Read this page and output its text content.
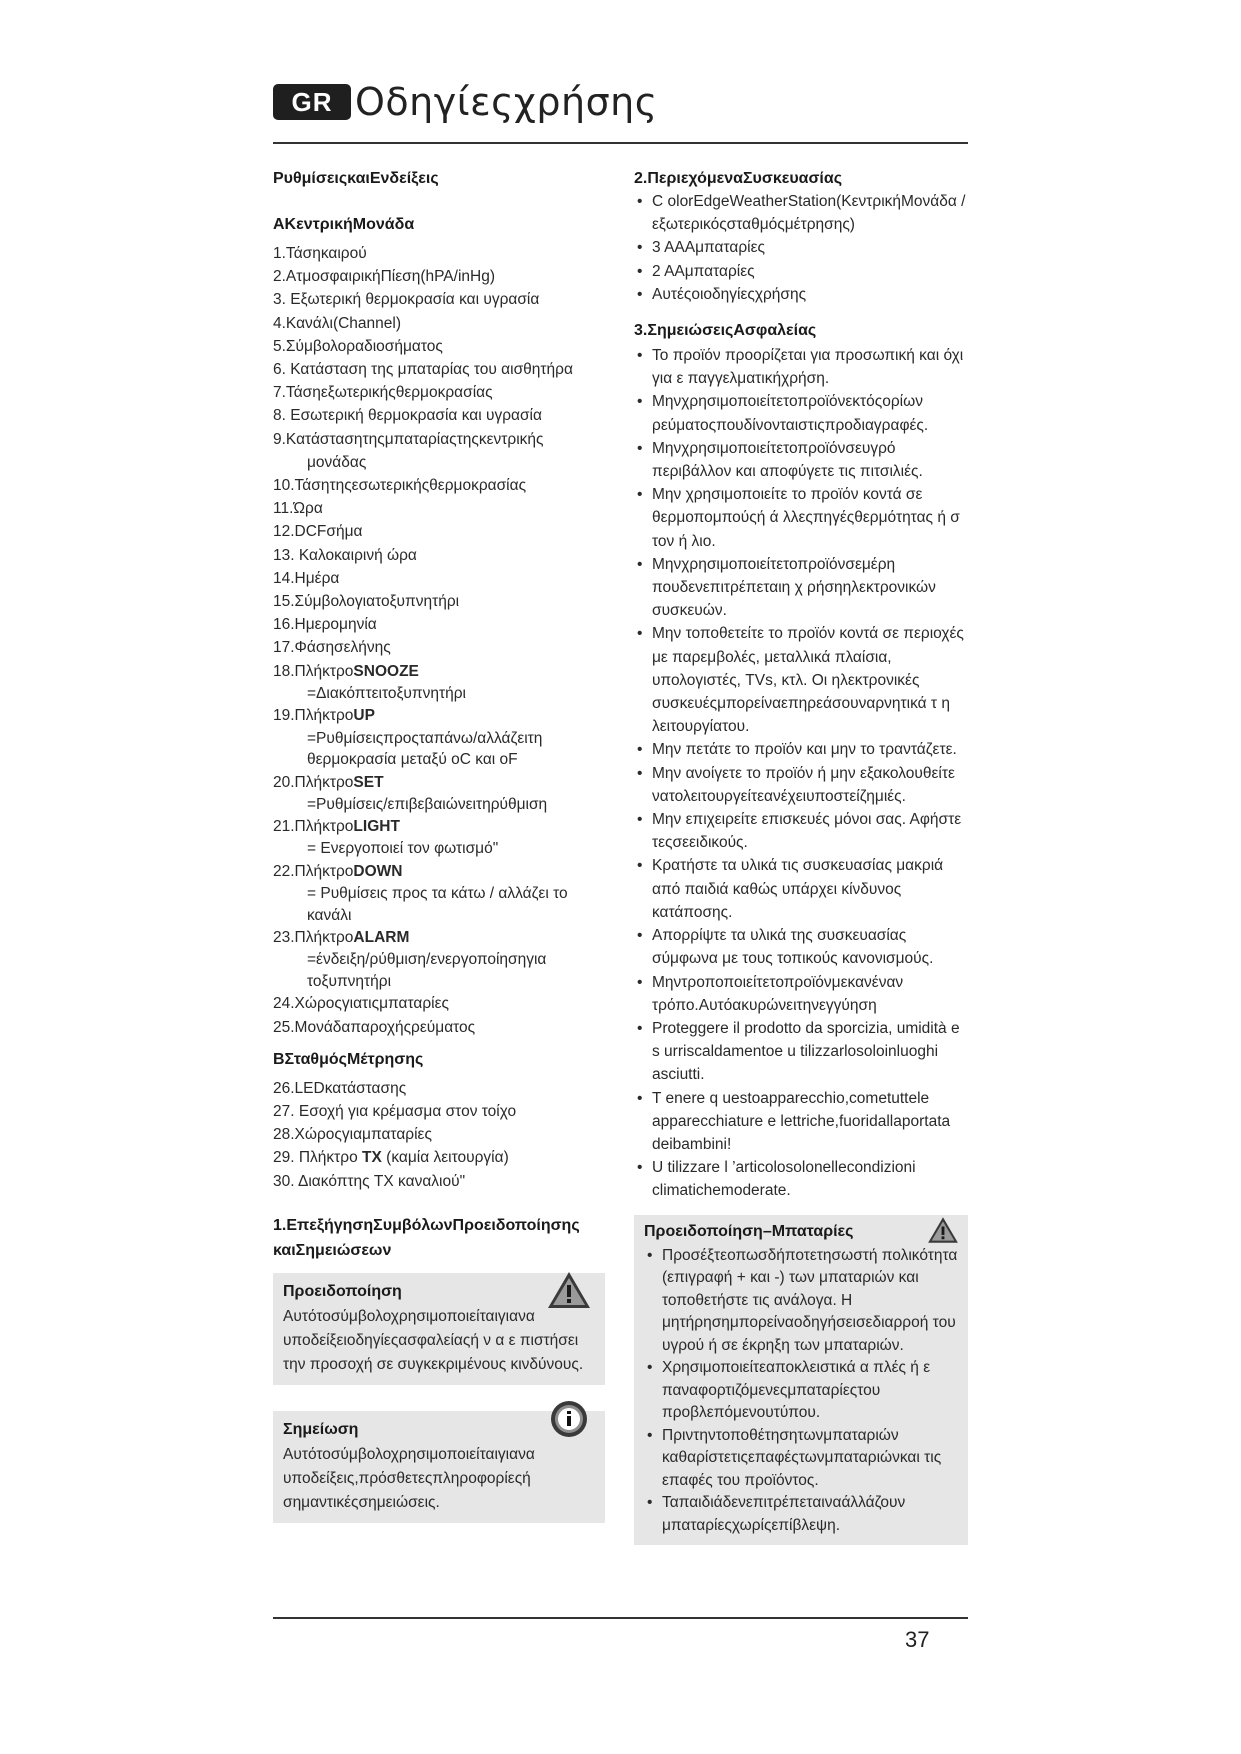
GR Οδηγίεςχρήσης
ΡυθμίσειςκαιΕνδείξεις
ΑΚεντρικήΜονάδα

1.Τάσηκαιρού

2.ΑτμοσφαιρικήΠίεση(hPA/inHg)

3. Εξωτερική θερμοκρασία και υγρασία

4.Κανάλι(Channel)

5.Σύμβολοραδιοσήματος

6. Κατάσταση της μπαταρίας του αισθητήρα

7.Τάσηεξωτερικήςθερμοκρασίας

8. Εσωτερική θερμοκρασία και υγρασία

9.Κατάστασητηςμπαταρίαςτηςκεντρικής μονάδας

10.Τάσητηςεσωτερικήςθερμοκρασίας

11.Ώρα

12.DCFσήμα

13. Καλοκαιρινή ώρα

14.Ημέρα

15.Σύμβολογιατοξυπνητήρι

16.Ημερομηνία

17.Φάσησελήνης

18.ΠλήκτροSNOOZE

=Διακόπτειτοξυπνητήρι

19.ΠλήκτροUP

=Ρυθμίσειςπροςταπάνω/αλλάζειτη θερμοκρασία μεταξύ oC και oF

20.ΠλήκτροSET

=Ρυθμίσεις/επιβεβαιώνειτηρύθμιση

21.ΠλήκτροLIGHT

= Ενεργοποιεί τον φωτισμό"

22.ΠλήκτροDOWN

= Ρυθμίσεις προς τα κάτω / αλλάζει το κανάλι

23.ΠλήκτροALARM

=ένδειξη/ρύθμιση/ενεργοποίησηγια τοξυπνητήρι

24.Χώροςγιατιςμπαταρίες

25.Μονάδαπαροχήςρεύματος

ΒΣταθμόςΜέτρησης

26.LEDκατάστασης

27. Εσοχή για κρέμασμα στον τοίχο

28.Χώροςγιαμπαταρίες

29. Πλήκτρο TX (καμία λειτουργία)

30. Διακόπτης TX καναλιού"

1.ΕπεξήγησηΣυμβόλωνΠροειδοποίησης καιΣημειώσεων
Προειδοποίηση
Αυτότοσύμβολοχρησιμοποιείταιγιανα υποδείξειοδηγίεςασφαλείαςή ν α ε πιστήσει την προσοχή σε συγκεκριμένους κινδύνους.
Σημείωση
Αυτότοσύμβολοχρησιμοποιείταιγιανα υποδείξεις,πρόσθετεςπληροφορίεςή σημαντικέςσημειώσεις.
2.ΠεριεχόμεναΣυσκευασίας
• C olorEdgeWeatherStation(ΚεντρικήΜονάδα /εξωτερικόςσταθμόςμέτρησης)
• 3 AAAμπαταρίες
• 2 AAμπαταρίες
• Αυτέςοιοδηγίεςχρήσης
3.ΣημειώσειςΑσφαλείας
• Το προϊόν προορίζεται για προσωπική και όχι για ε παγγελματικήχρήση.
• Μηνχρησιμοποιείτετοπροϊόνεκτόςορίων ρεύματοςπουδίνονταιστιςπροδιαγραφές.
• Μηνχρησιμοποιείτετοπροϊόνσευγρό περιβάλλον και αποφύγετε τις πιτσιλιές.
• Μην χρησιμοποιείτε το προϊόν κοντά σε θερμοπομπούςή ά λλεςπηγέςθερμότητας ή σ τον ή λιο.
• Μηνχρησιμοποιείτετοπροϊόνσεμέρη πουδενεπιτρέπεταιη χ ρήσηηλεκτρονικών συσκευών.
• Μην τοποθετείτε το προϊόν κοντά σε περιοχές με παρεμβολές, μεταλλικά πλαίσια, υπολογιστές, TVs, κτλ. Οι ηλεκτρονικές συσκευέςμπορείναεπηρεάσουναρνητικά τ η λειτουργίατου.
• Μην πετάτε το προϊόν και μην το τραντάζετε.
• Μην ανοίγετε το προϊόν ή μην εξακολουθείτε νατολειτουργείτεανέχειυποστείζημιές.
• Μην επιχειρείτε επισκευές μόνοι σας. Αφήστε τεςσεειδικούς.
• Κρατήστε τα υλικά τις συσκευασίας μακριά από παιδιά καθώς υπάρχει κίνδυνος κατάποσης.
• Απορρίψτε τα υλικά της συσκευασίας σύμφωνα με τους τοπικούς κανονισμούς.
• Μηντροποποιείτετοπροϊόνμεκανέναν τρόπο.Αυτόακυρώνειτηνεγγύηση
• Proteggere il prodotto da sporcizia, umidità e s urriscaldamentoe u tilizzarlosoloinluoghi asciutti.
• T enere q uestoapparecchio,cometuttele apparecchiature e lettriche,fuoridallaportata deibambini!
• U tilizzare l ’articolosolonellecondizioni climatichemoderate.
Προειδοποίηση–Μπαταρίες
• Προσέξτεοπωσδήποτετησωστή πολικότητα (επιγραφή + και -) των μπαταριών και τοποθετήστε τις ανάλογα. Η μητήρησημπορείναοδηγήσεισεδιαρροή του υγρού ή σε έκρηξη των μπαταριών.
• Χρησιμοποιείτεαποκλειστικά α πλές ή ε παναφορτιζόμενεςμπαταρίεςτου προβλεπόμενουτύπου.
• Πριντηντοποθέτησητωνμπαταριών καθαρίστετιςεπαφέςτωνμπαταριώνκαι τις επαφές του προϊόντος.
• Ταπαιδιάδενεπιτρέπεταιναάλλάζουν μπαταρίεςχωρίςεπίβλεψη.
37
